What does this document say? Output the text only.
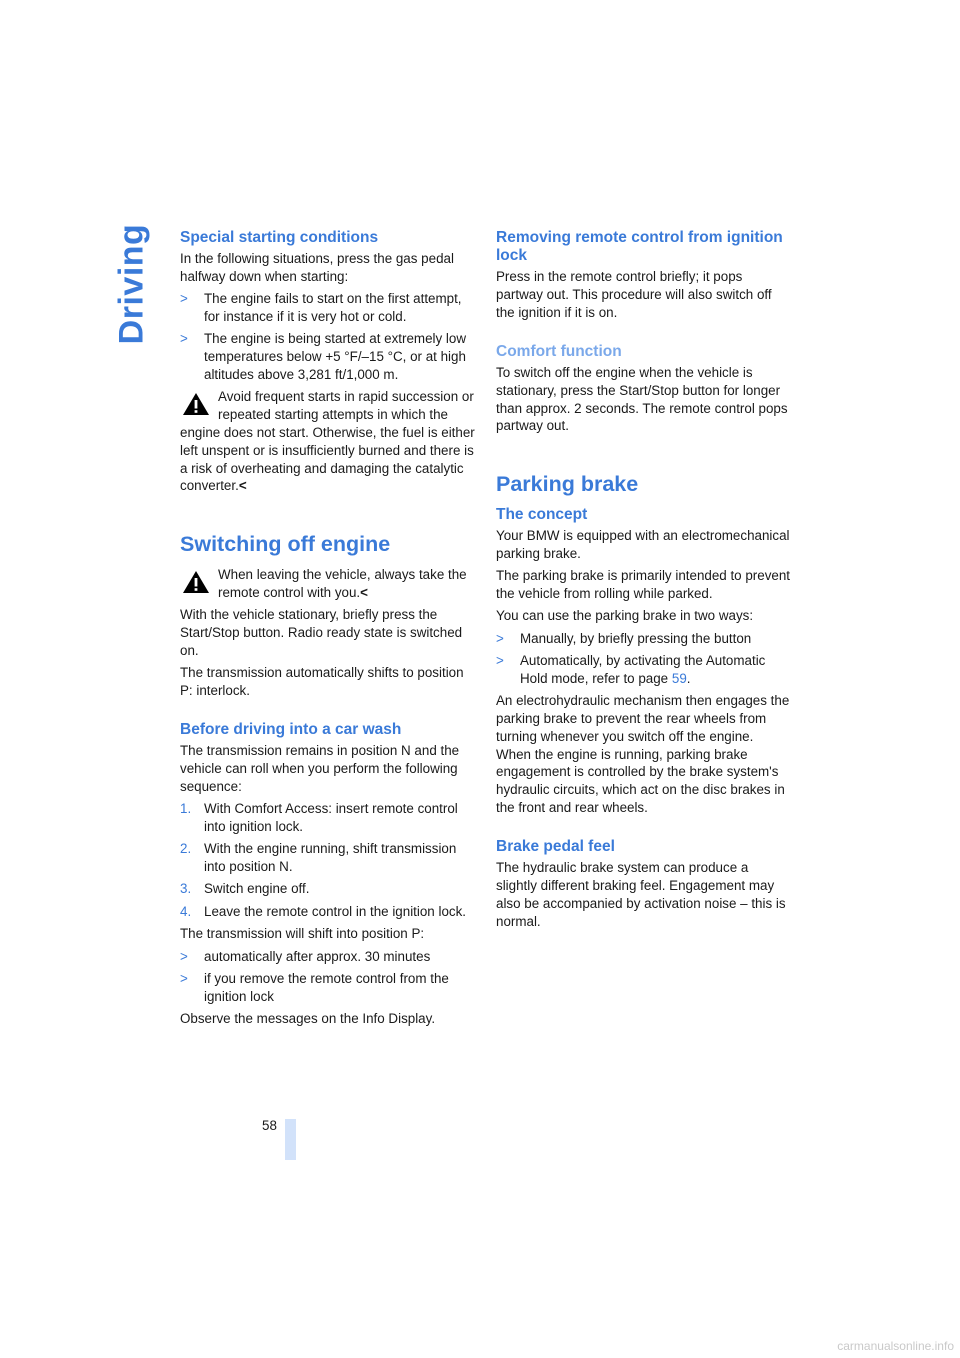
Driving Special starting conditions

In the following situations, press the gas pedal halfway down when starting:

> The engine fails to start on the first attempt, for instance if it is very hot or cold.
> The engine is being started at extremely low temperatures below +5 °F/–15 °C, or at high altitudes above 3,281 ft/1,000 m.
Avoid frequent starts in rapid succession or repeated starting attempts in which the engine does not start. Otherwise, the fuel is either left unspent or is insufficiently burned and there is a risk of overheating and damaging the catalytic converter.<
Switching off engine
When leaving the vehicle, always take the remote control with you.<

With the vehicle stationary, briefly press the Start/Stop button. Radio ready state is switched on.

The transmission automatically shifts to position P: interlock.

Before driving into a car wash

The transmission remains in position N and the vehicle can roll when you perform the following sequence:

1. With Comfort Access: insert remote control into ignition lock.
2. With the engine running, shift transmission into position N.
3. Switch engine off.
4. Leave the remote control in the ignition lock.

The transmission will shift into position P:

> automatically after approx. 30 minutes
> if you remove the remote control from the ignition lock

Observe the messages on the Info Display.

Removing remote control from ignition lock

Press in the remote control briefly; it pops partway out. This procedure will also switch off the ignition if it is on.

Comfort function

To switch off the engine when the vehicle is stationary, press the Start/Stop button for longer than approx. 2 seconds. The remote control pops partway out.

Parking brake
The concept

Your BMW is equipped with an electromechanical parking brake.

The parking brake is primarily intended to prevent the vehicle from rolling while parked.

You can use the parking brake in two ways:

> Manually, by briefly pressing the button
> Automatically, by activating the Automatic Hold mode, refer to page 59.

An electrohydraulic mechanism then engages the parking brake to prevent the rear wheels from turning whenever you switch off the engine.

When the engine is running, parking brake engagement is controlled by the brake system's hydraulic circuits, which act on the disc brakes in the front and rear wheels.

Brake pedal feel

The hydraulic brake system can produce a slightly different braking feel. Engagement may also be accompanied by activation noise – this is normal.

58
carmanualsonline.info
